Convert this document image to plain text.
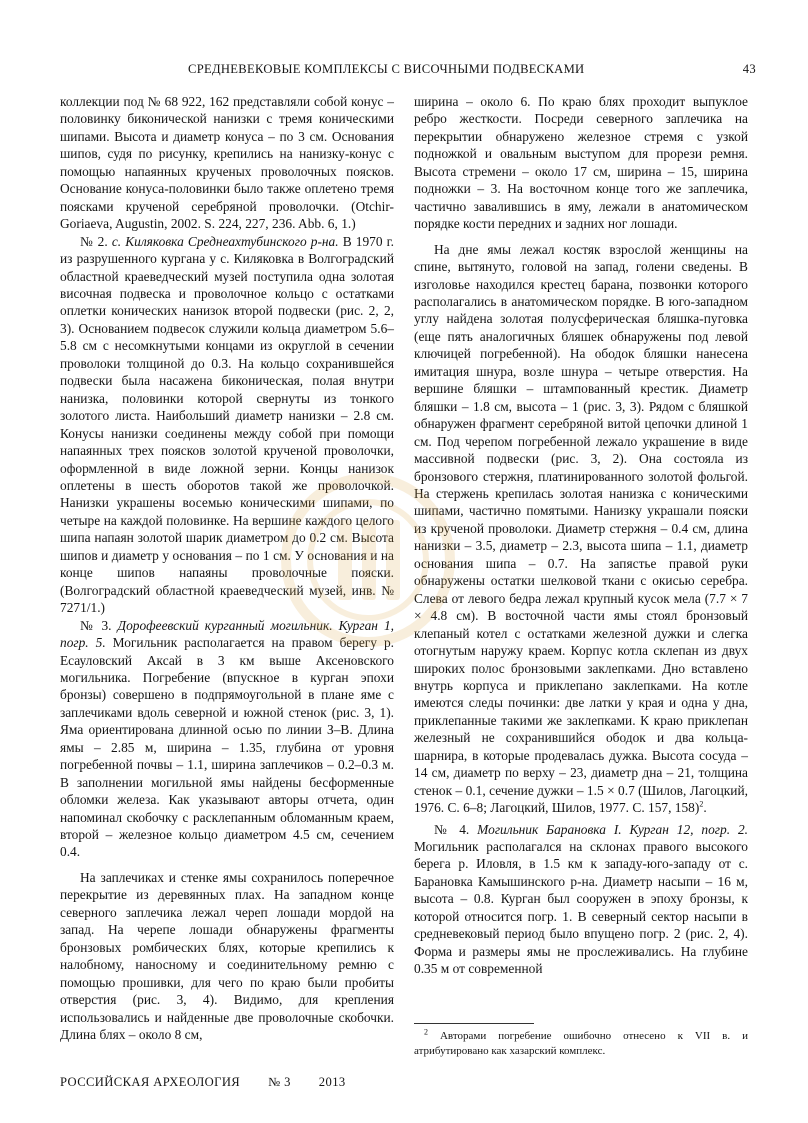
СРЕДНЕВЕКОВЫЕ КОМПЛЕКСЫ С ВИСОЧНЫМИ ПОДВЕСКАМИ	43

коллекции под № 68 922, 162 представляли собой конус – половинку биконической нанизки с тремя коническими шипами. Высота и диаметр конуса – по 3 см. Основания шипов, судя по рисунку, крепились на нанизку-конус с помощью напаянных крученых проволочных поясков. Основание конуса-половинки было также оплетено тремя поясками крученой серебряной проволочки. (Otchir-Goriaeva, Augustin, 2002. S. 224, 227, 236. Abb. 6, 1.)

№ 2. с. Киляковка Среднеахтубинского р-на. В 1970 г. из разрушенного кургана у с. Киляковка в Волгоградский областной краеведческий музей поступила одна золотая височная подвеска и проволочное кольцо с остатками оплетки конических нанизок второй подвески (рис. 2, 2, 3). Основанием подвесок служили кольца диаметром 5.6–5.8 см с несомкнутыми концами из округлой в сечении проволоки толщиной до 0.3. На кольцо сохранившейся подвески была насажена биконическая, полая внутри нанизка, половинки которой свернуты из тонкого золотого листа. Наибольший диаметр нанизки – 2.8 см. Конусы нанизки соединены между собой при помощи напаянных трех поясков золотой крученой проволочки, оформленной в виде ложной зерни. Концы нанизок оплетены в шесть оборотов такой же проволочкой. Нанизки украшены восемью коническими шипами, по четыре на каждой половинке. На вершине каждого целого шипа напаян золотой шарик диаметром до 0.2 см. Высота шипов и диаметр у основания – по 1 см. У основания и на конце шипов напаяны проволочные пояски. (Волгоградский областной краеведческий музей, инв. № 7271/1.)

№ 3. Дорофеевский курганный могильник. Курган 1, погр. 5. Могильник располагается на правом берегу р. Есауловский Аксай в 3 км выше Аксеновского могильника. Погребение (впускное в курган эпохи бронзы) совершено в подпрямоугольной в плане яме с заплечиками вдоль северной и южной стенок (рис. 3, 1). Яма ориентирована длинной осью по линии З–В. Длина ямы – 2.85 м, ширина – 1.35, глубина от уровня погребенной почвы – 1.1, ширина заплечиков – 0.2–0.3 м. В заполнении могильной ямы найдены бесформенные обломки железа. Как указывают авторы отчета, один напоминал скобочку с расклепанным обломанным краем, второй – железное кольцо диаметром 4.5 см, сечением 0.4.

На заплечиках и стенке ямы сохранилось поперечное перекрытие из деревянных плах. На западном конце северного заплечика лежал череп лошади мордой на запад. На черепе лошади обнаружены фрагменты бронзовых ромбических блях, которые крепились к налобному, наносному и соединительному ремню с помощью прошивки, для чего по краю были пробиты отверстия (рис. 3, 4). Видимо, для крепления использовались и найденные две проволочные скобочки. Длина блях – около 8 см,

ширина – около 6. По краю блях проходит выпуклое ребро жесткости. Посреди северного заплечика на перекрытии обнаружено железное стремя с узкой подножкой и овальным выступом для прорези ремня. Высота стремени – около 17 см, ширина – 15, ширина подножки – 3. На восточном конце того же заплечика, частично завалившись в яму, лежали в анатомическом порядке кости передних и задних ног лошади.

На дне ямы лежал костяк взрослой женщины на спине, вытянуто, головой на запад, голени сведены. В изголовье находился крестец барана, позвонки которого располагались в анатомическом порядке. В юго-западном углу найдена золотая полусферическая бляшка-пуговка (еще пять аналогичных бляшек обнаружены под левой ключицей погребенной). На ободок бляшки нанесена имитация шнура, возле шнура – четыре отверстия. На вершине бляшки – штампованный крестик. Диаметр бляшки – 1.8 см, высота – 1 (рис. 3, 3). Рядом с бляшкой обнаружен фрагмент серебряной витой цепочки длиной 1 см. Под черепом погребенной лежало украшение в виде массивной подвески (рис. 3, 2). Она состояла из бронзового стержня, платинированного золотой фольгой. На стержень крепилась золотая нанизка с коническими шипами, частично помятыми. Нанизку украшали пояски из крученой проволоки. Диаметр стержня – 0.4 см, длина нанизки – 3.5, диаметр – 2.3, высота шипа – 1.1, диаметр основания шипа – 0.7. На запястье правой руки обнаружены остатки шелковой ткани с окисью серебра. Слева от левого бедра лежал крупный кусок мела (7.7 × 7 × 4.8 см). В восточной части ямы стоял бронзовый клепаный котел с остатками железной дужки и слегка отогнутым наружу краем. Корпус котла склепан из двух широких полос бронзовыми заклепками. Дно вставлено внутрь корпуса и приклепано заклепками. На котле имеются следы починки: две латки у края и одна у дна, приклепанные такими же заклепками. К краю приклепан железный не сохранившийся ободок и два кольца-шарнира, в которые продевалась дужка. Высота сосуда – 14 см, диаметр по верху – 23, диаметр дна – 21, толщина стенок – 0.1, сечение дужки – 1.5 × 0.7 (Шилов, Лагоцкий, 1976. С. 6–8; Лагоцкий, Шилов, 1977. С. 157, 158)$^2$.

№ 4. Могильник Барановка I. Курган 12, погр. 2. Могильник располагался на склонах правого высокого берега р. Иловля, в 1.5 км к западу-юго-западу от с. Барановка Камышинского р-на. Диаметр насыпи – 16 м, высота – 0.8. Курган был сооружен в эпоху бронзы, к которой относится погр. 1. В северный сектор насыпи в средневековый период было впущено погр. 2 (рис. 2, 4). Форма и размеры ямы не прослеживались. На глубине 0.35 м от современной

$^2$ Авторами погребение ошибочно отнесено к VII в. и атрибутировано как хазарский комплекс.

РОССИЙСКАЯ АРХЕОЛОГИЯ № 3 2013
